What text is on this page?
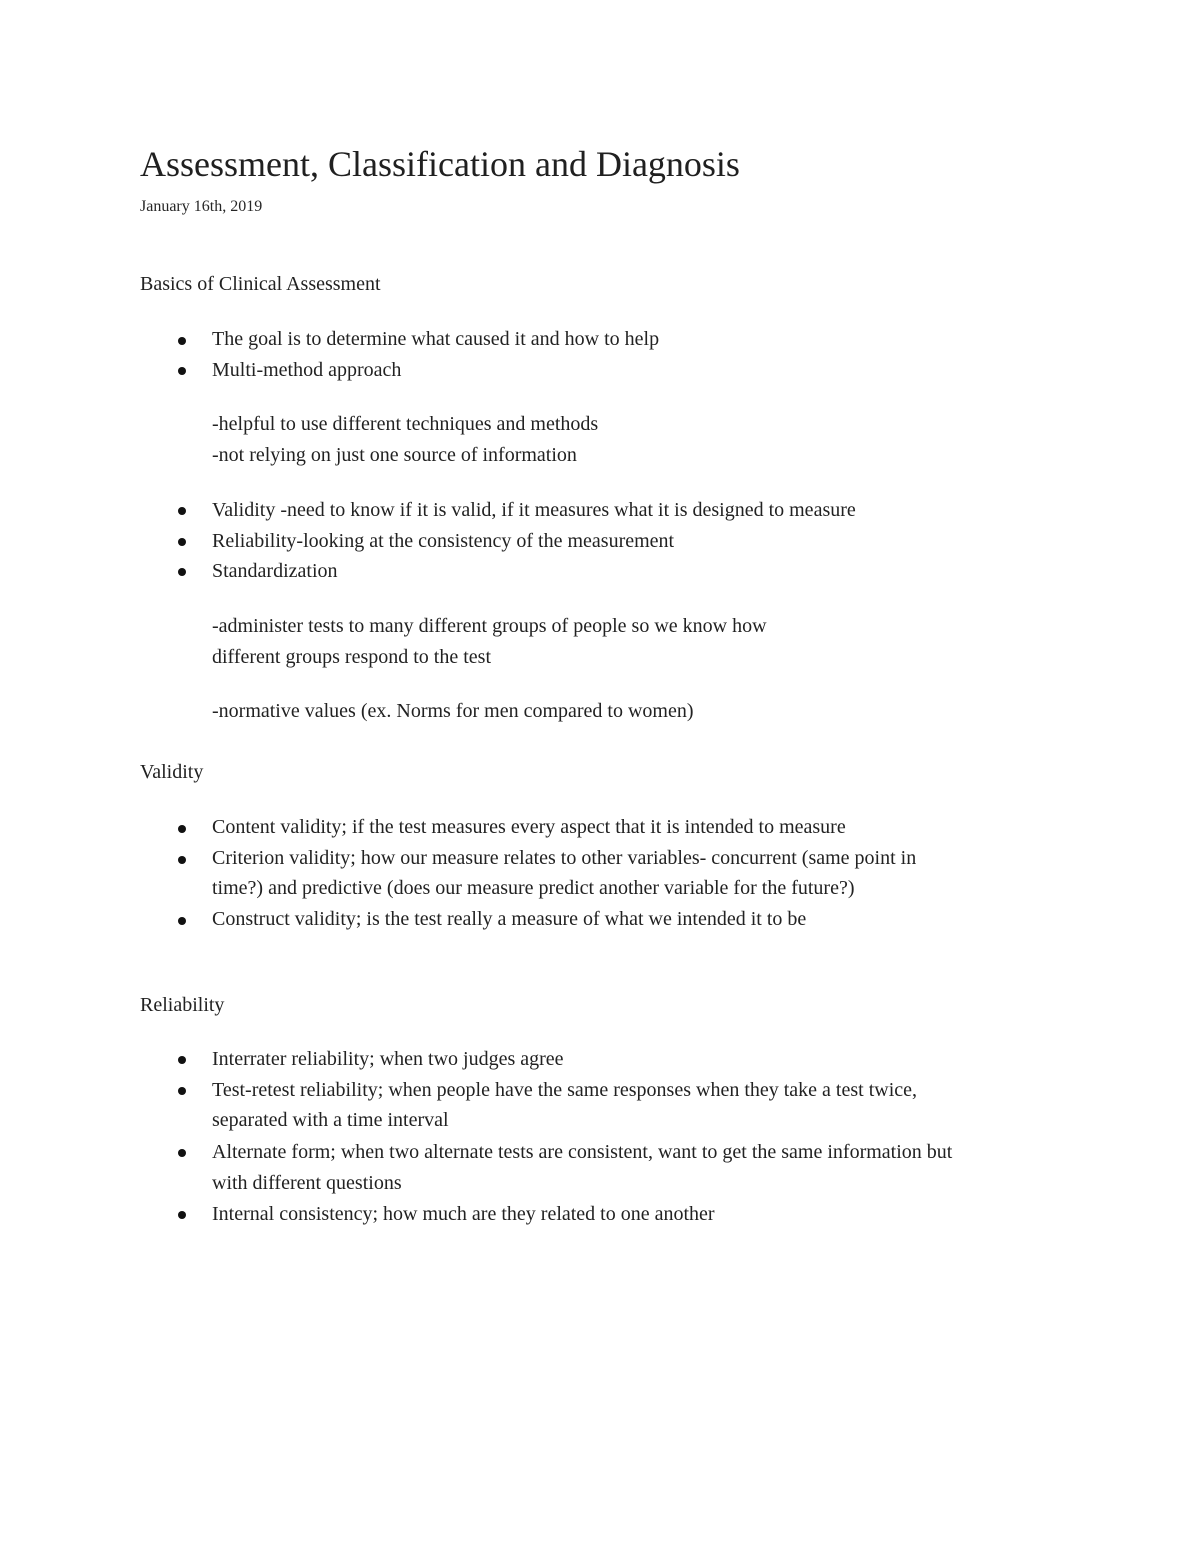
Assessment, Classification and Diagnosis
January 16th, 2019
Basics of Clinical Assessment
The goal is to determine what caused it and how to help
Multi-method approach
-helpful to use different techniques and methods
-not relying on just one source of information
Validity -need to know if it is valid, if it measures what it is designed to measure
Reliability-looking at the consistency of the measurement
Standardization
-administer tests to many different groups of people so we know how
different groups respond to the test
-normative values (ex. Norms for men compared to women)
Validity
Content validity; if the test measures every aspect that it is intended to measure
Criterion validity; how our measure relates to other variables- concurrent (same point in
time?) and predictive (does our measure predict another variable for the future?)
Construct validity; is the test really a measure of what we intended it to be
Reliability
Interrater reliability; when two judges agree
Test-retest reliability; when people have the same responses when they take a test twice,
separated with a time interval
Alternate form; when two alternate tests are consistent, want to get the same information but
with different questions
Internal consistency; how much are they related to one another
